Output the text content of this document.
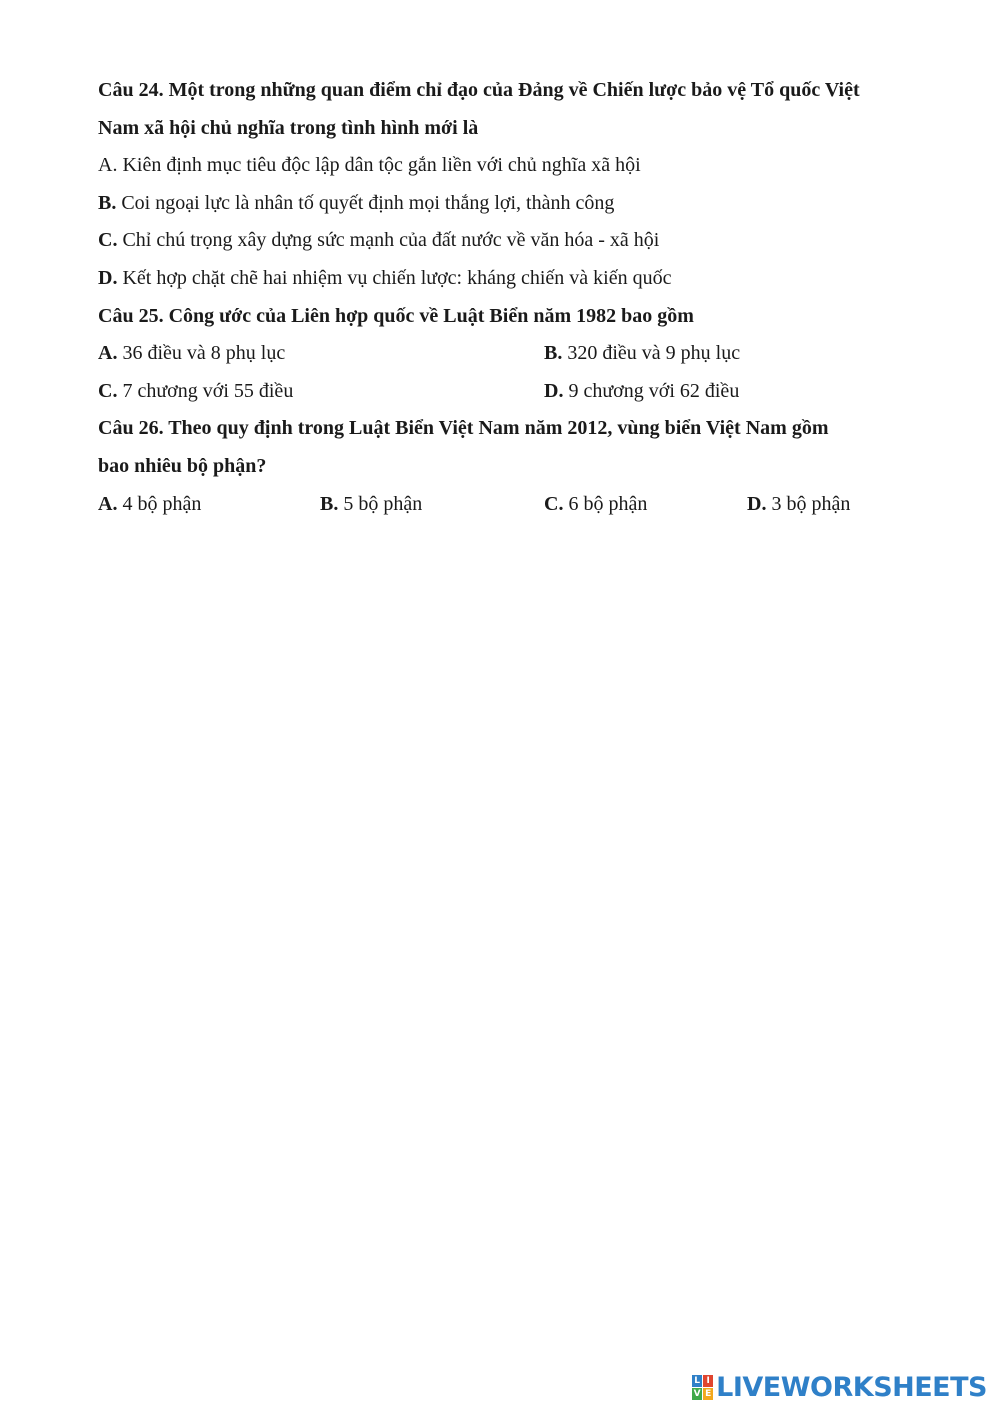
Câu 24. Một trong những quan điểm chỉ đạo của Đảng về Chiến lược bảo vệ Tổ quốc Việt
Nam xã hội chủ nghĩa trong tình hình mới là
A. Kiên định mục tiêu độc lập dân tộc gắn liền với chủ nghĩa xã hội
B. Coi ngoại lực là nhân tố quyết định mọi thắng lợi, thành công
C. Chỉ chú trọng xây dựng sức mạnh của đất nước về văn hóa - xã hội
D. Kết hợp chặt chẽ hai nhiệm vụ chiến lược: kháng chiến và kiến quốc
Câu 25. Công ước của Liên hợp quốc về Luật Biển năm 1982 bao gồm
A. 36 điều và 8 phụ lục	B. 320 điều và 9 phụ lục
C. 7 chương với 55 điều	D. 9 chương với 62 điều
Câu 26. Theo quy định trong Luật Biển Việt Nam năm 2012, vùng biển Việt Nam gồm
bao nhiêu bộ phận?
A. 4 bộ phận	B. 5 bộ phận	C. 6 bộ phận	D. 3 bộ phận
L I
V E LIVEWORKSHEETS
